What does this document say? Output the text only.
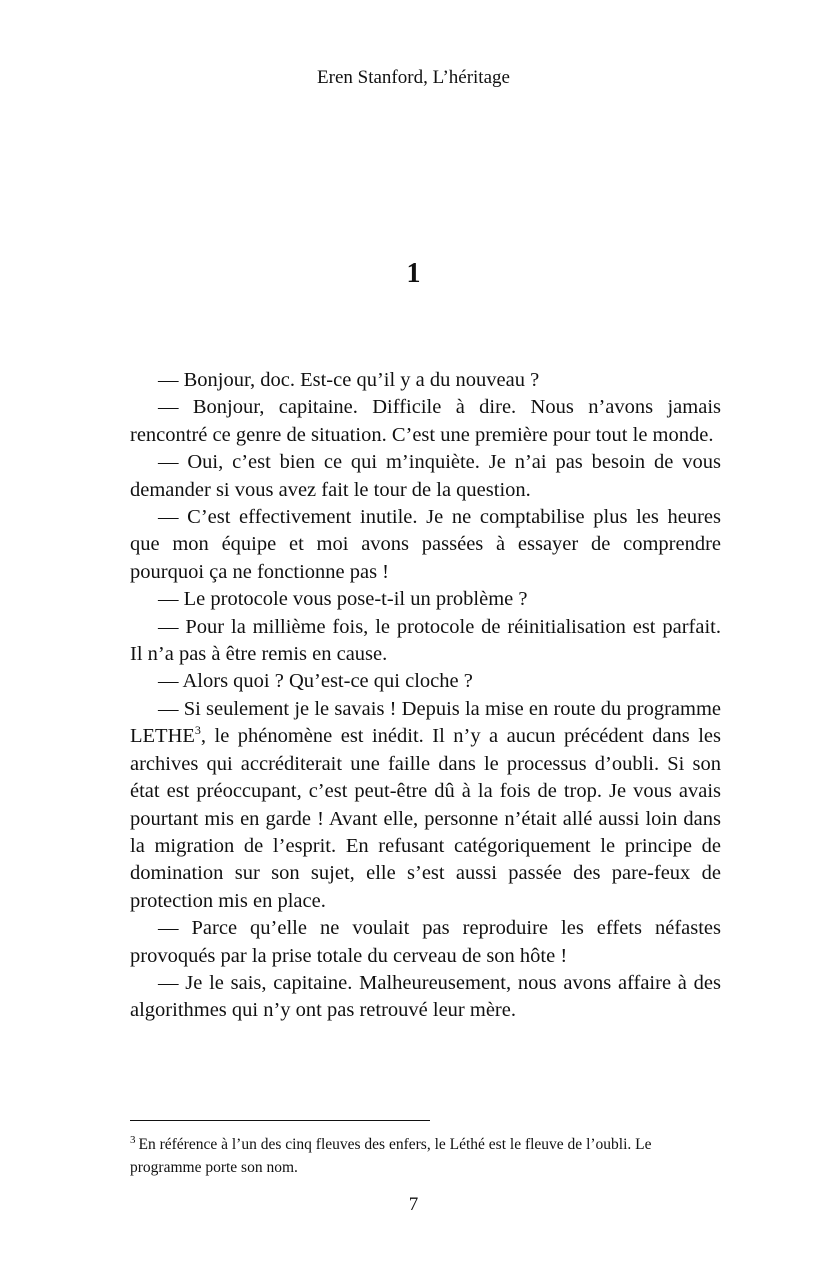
Eren Stanford, L’héritage
1

— Bonjour, doc. Est-ce qu’il y a du nouveau ?

— Bonjour, capitaine. Difficile à dire. Nous n’avons jamais rencontré ce genre de situation. C’est une première pour tout le monde.

— Oui, c’est bien ce qui m’inquiète. Je n’ai pas besoin de vous demander si vous avez fait le tour de la question.

— C’est effectivement inutile. Je ne comptabilise plus les heures que mon équipe et moi avons passées à essayer de comprendre pourquoi ça ne fonctionne pas !

— Le protocole vous pose-t-il un problème ?

— Pour la millième fois, le protocole de réinitialisation est parfait. Il n’a pas à être remis en cause.

— Alors quoi ? Qu’est-ce qui cloche ?

— Si seulement je le savais ! Depuis la mise en route du programme LETHE$^3$, le phénomène est inédit. Il n’y a aucun précédent dans les archives qui accréditerait une faille dans le processus d’oubli. Si son état est préoccupant, c’est peut-être dû à la fois de trop. Je vous avais pourtant mis en garde ! Avant elle, personne n’était allé aussi loin dans la migration de l’esprit. En refusant catégoriquement le principe de domination sur son sujet, elle s’est aussi passée des pare-feux de protection mis en place.

— Parce qu’elle ne voulait pas reproduire les effets néfastes provoqués par la prise totale du cerveau de son hôte !

— Je le sais, capitaine. Malheureusement, nous avons affaire à des algorithmes qui n’y ont pas retrouvé leur mère.

$^3$ En référence à l’un des cinq fleuves des enfers, le Léthé est le fleuve de l’oubli. Le programme porte son nom.

7
